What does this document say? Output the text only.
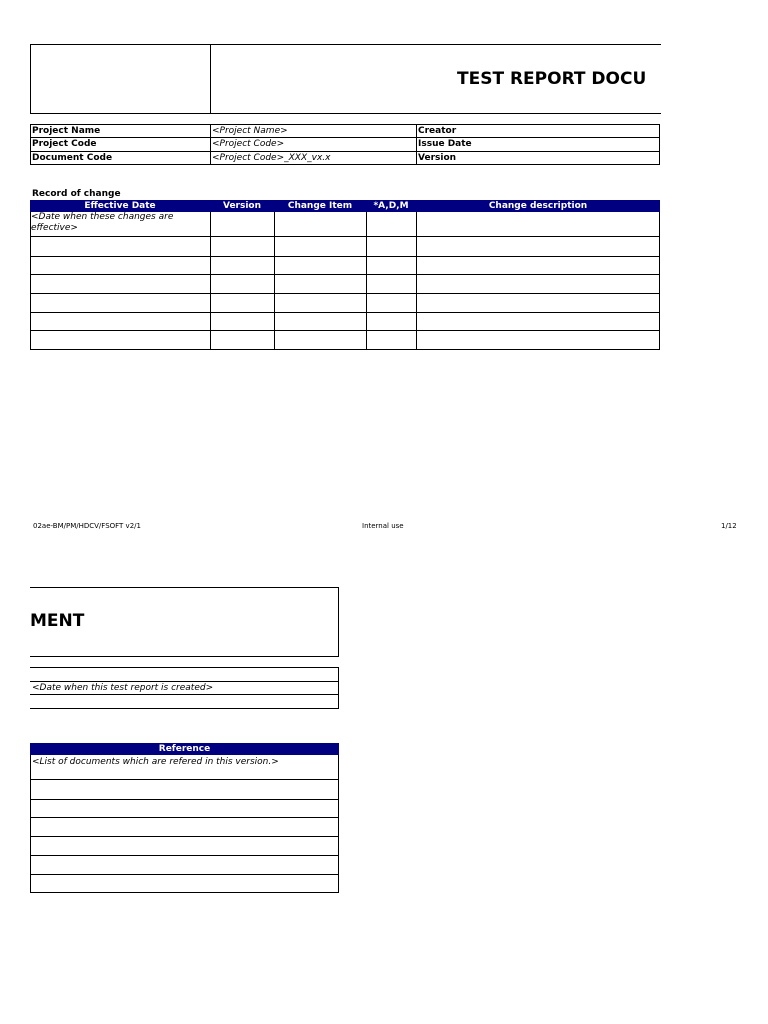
TEST REPORT DOCU
Project Name	<Project Name>	Creator
Project Code	<Project Code>	Issue Date
Document Code	<Project Code>_XXX_vx.x	Version
Record of change
Effective Date	Version	Change Item	*A,D,M	Change description
<Date when these changes are effective>
02ae-BM/PM/HDCV/FSOFT v2/1	Internal use	1/12
MENT
<Date when this test report is created>
Reference
<List of documents which are refered in this version.>
